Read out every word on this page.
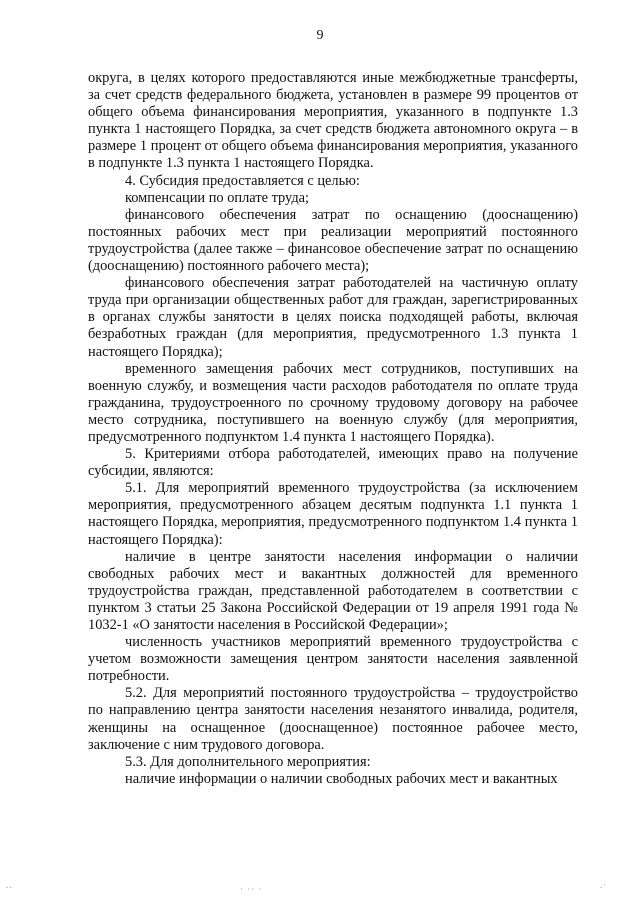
9

округа, в целях которого предоставляются иные межбюджетные трансферты, за счет средств федерального бюджета, установлен в размере 99 процентов от общего объема финансирования мероприятия, указанного в подпункте 1.3 пункта 1 настоящего Порядка, за счет средств бюджета автономного округа – в размере 1 процент от общего объема финансирования мероприятия, указанного в подпункте 1.3 пункта 1 настоящего Порядка.

4. Субсидия предоставляется с целью:

компенсации по оплате труда;

финансового обеспечения затрат по оснащению (дооснащению) постоянных рабочих мест при реализации мероприятий постоянного трудоустройства (далее также – финансовое обеспечение затрат по оснащению (дооснащению) постоянного рабочего места);

финансового обеспечения затрат работодателей на частичную оплату труда при организации общественных работ для граждан, зарегистрированных в органах службы занятости в целях поиска подходящей работы, включая безработных граждан (для мероприятия, предусмотренного 1.3 пункта 1 настоящего Порядка);

временного замещения рабочих мест сотрудников, поступивших на военную службу, и возмещения части расходов работодателя по оплате труда гражданина, трудоустроенного по срочному трудовому договору на рабочее место сотрудника, поступившего на военную службу (для мероприятия, предусмотренного подпунктом 1.4 пункта 1 настоящего Порядка).

5. Критериями отбора работодателей, имеющих право на получение субсидии, являются:

5.1. Для мероприятий временного трудоустройства (за исключением мероприятия, предусмотренного абзацем десятым подпункта 1.1 пункта 1 настоящего Порядка, мероприятия, предусмотренного подпунктом 1.4 пункта 1 настоящего Порядка):

наличие в центре занятости населения информации о наличии свободных рабочих мест и вакантных должностей для временного трудоустройства граждан, представленной работодателем в соответствии с пунктом 3 статьи 25 Закона Российской Федерации от 19 апреля 1991 года № 1032-1 «О занятости населения в Российской Федерации»;

численность участников мероприятий временного трудоустройства с учетом возможности замещения центром занятости населения заявленной потребности.

5.2. Для мероприятий постоянного трудоустройства – трудоустройство по направлению центра занятости населения незанятого инвалида, родителя, женщины на оснащенное (дооснащенное) постоянное рабочее место, заключение с ним трудового договора.

5.3. Для дополнительного мероприятия:

наличие информации о наличии свободных рабочих мест и вакантных

..	· ·· ·	.·
